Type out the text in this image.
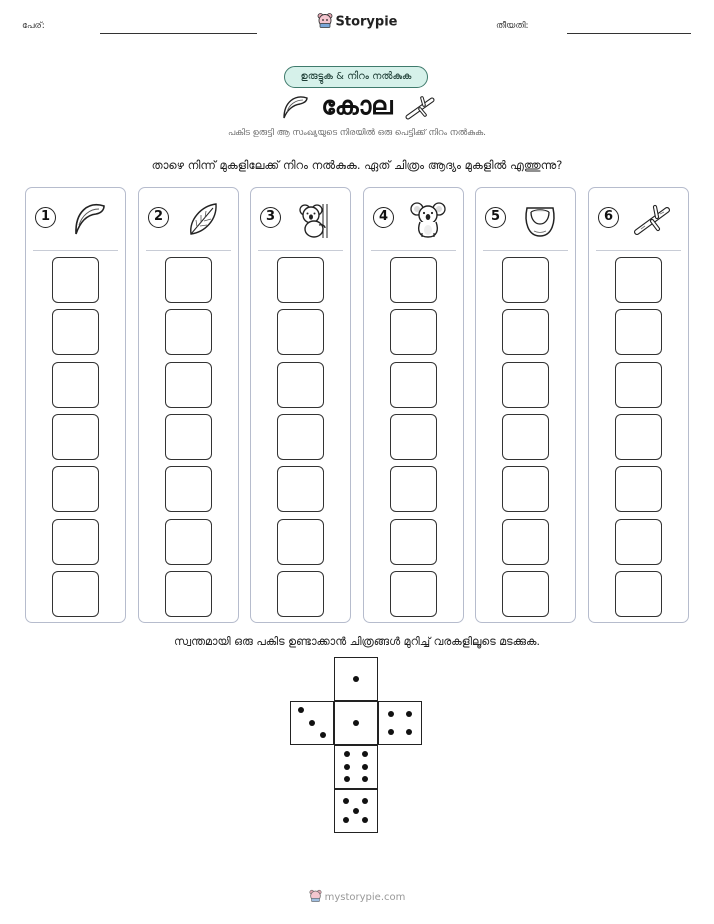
പേര്:	Storypie	തീയതി:
ഉരുട്ടുക & നിറം നൽകുക
കോല
പകിട ഉരുട്ടി ആ സംഖ്യയുടെ നിരയിൽ ഒരു പെട്ടിക്ക് നിറം നൽകുക.
താഴെ നിന്ന് മുകളിലേക്ക് നിറം നൽകുക. ഏത് ചിത്രം ആദ്യം മുകളിൽ എത്തുന്നു?
1	2	3	4	5	6
സ്വന്തമായി ഒരു പകിട ഉണ്ടാക്കാൻ ചിത്രങ്ങൾ മുറിച്ച് വരകളിലൂടെ മടക്കുക.
mystorypie.com
